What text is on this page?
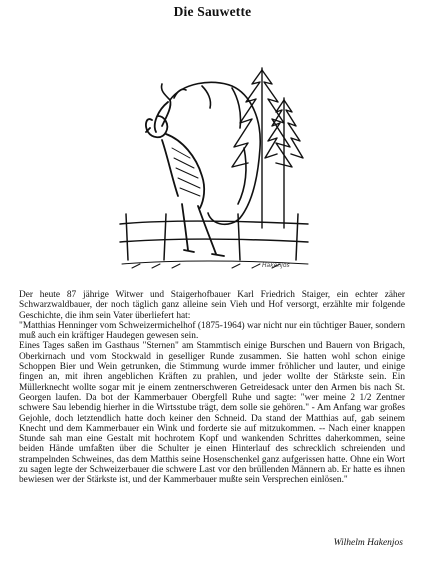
Die Sauwette
Hakenjos

Der heute 87 jährige Witwer und Staigerhofbauer Karl Friedrich Staiger, ein echter zäher Schwarzwaldbauer, der noch täglich ganz alleine sein Vieh und Hof versorgt, erzählte mir folgende Geschichte, die ihm sein Vater überliefert hat:

"Matthias Henninger vom Schweizermichelhof (1875-1964) war nicht nur ein tüchtiger Bauer, sondern muß auch ein kräftiger Haudegen gewesen sein.

Eines Tages saßen im Gasthaus "Sternen" am Stammtisch einige Burschen und Bauern von Brigach, Oberkirnach und vom Stockwald in geselliger Runde zusammen. Sie hatten wohl schon einige Schoppen Bier und Wein getrunken, die Stimmung wurde immer fröhlicher und lauter, und einige fingen an, mit ihren angeblichen Kräften zu prahlen, und jeder wollte der Stärkste sein. Ein Müllerknecht wollte sogar mit je einem zentnerschweren Getreidesack unter den Armen bis nach St. Georgen laufen. Da bot der Kammerbauer Obergfell Ruhe und sagte: "wer meine 2 1/2 Zentner schwere Sau lebendig hierher in die Wirtsstube trägt, dem solle sie gehören." - Am Anfang war großes Gejohle, doch letztendlich hatte doch keiner den Schneid. Da stand der Matthias auf, gab seinem Knecht und dem Kammerbauer ein Wink und forderte sie auf mitzukommen. -- Nach einer knappen Stunde sah man eine Gestalt mit hochrotem Kopf und wankenden Schrittes daherkommen, seine beiden Hände umfaßten über die Schulter je einen Hinterlauf des schrecklich schreienden und strampelnden Schweines, das dem Matthis seine Hosenschenkel ganz aufgerissen hatte. Ohne ein Wort zu sagen legte der Schweizerbauer die schwere Last vor den brüllenden Männern ab. Er hatte es ihnen bewiesen wer der Stärkste ist, und der Kammerbauer mußte sein Versprechen einlösen."

Wilhelm Hakenjos
